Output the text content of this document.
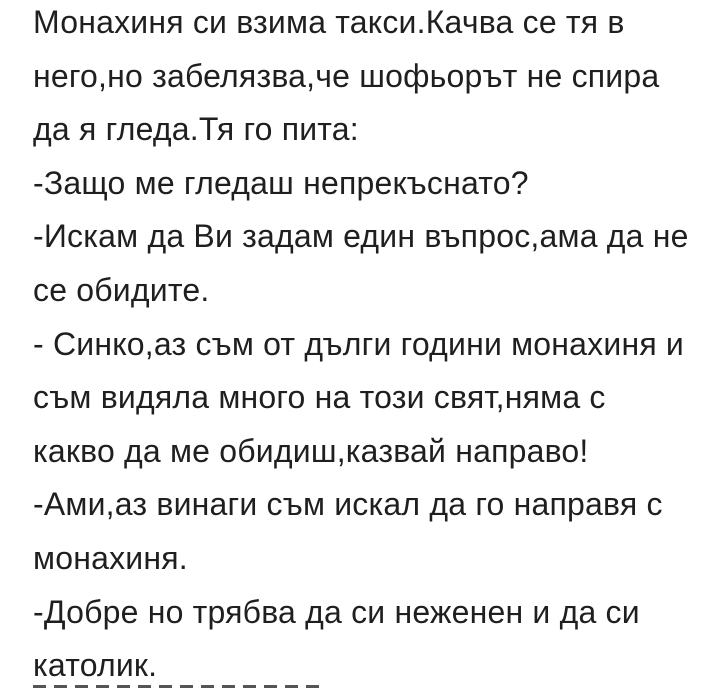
Монахиня си взима такси.Качва се тя в
него,но забелязва,че шофьорът не спира
да я гледа.Тя го пита:
-Защо ме гледаш непрекъснато?
-Искам да Ви задам един въпрос,ама да не
се обидите.
- Синко,аз съм от дълги години монахиня и
съм видяла много на този свят,няма с
какво да ме обидиш,казвай направо!
-Ами,аз винаги съм искал да го направя с
монахиня.
-Добре но трябва да си неженен и да си
католик.
